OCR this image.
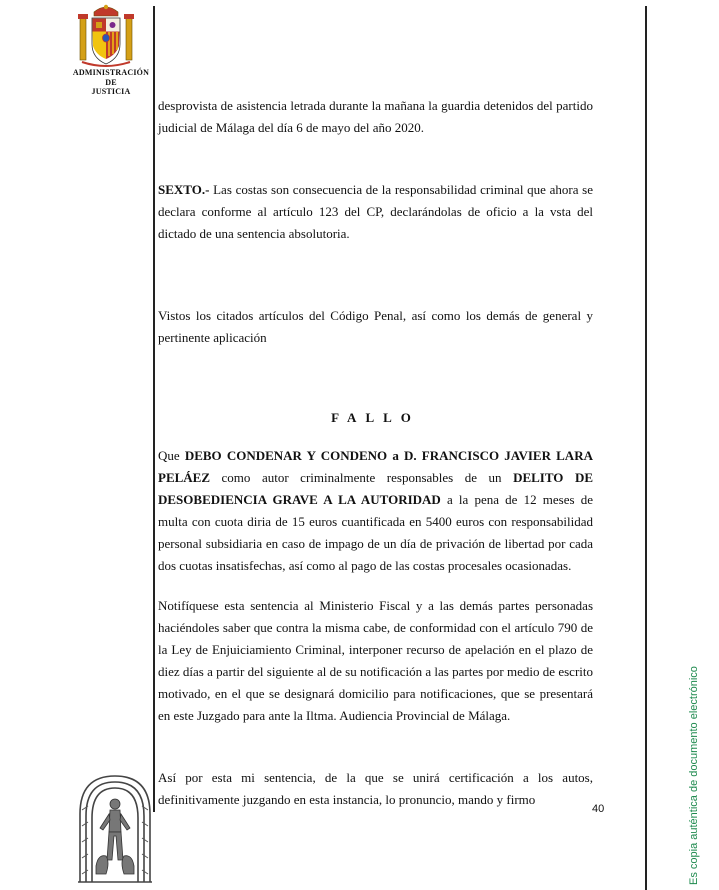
ADMINISTRACIÓN
DE
JUSTICIA

desprovista de asistencia letrada durante la mañana la guardia detenidos del partido judicial de Málaga del día 6 de mayo del año 2020.

SEXTO.- Las costas son consecuencia de la responsabilidad criminal que ahora se declara conforme al artículo 123 del CP, declarándolas de oficio a la vsta del dictado de una sentencia absolutoria.

Vistos los citados artículos del Código Penal, así como los demás de general y pertinente aplicación

FALLO

Que DEBO CONDENAR Y CONDENO a D. FRANCISCO JAVIER LARA PELÁEZ como autor criminalmente responsables de un DELITO DE DESOBEDIENCIA GRAVE A LA AUTORIDAD a la pena de 12 meses de multa con cuota diria de 15 euros cuantificada en 5400 euros con responsabilidad personal subsidiaria en caso de impago de un día de privación de libertad por cada dos cuotas insatisfechas, así como al pago de las costas procesales ocasionadas.

Notifíquese esta sentencia al Ministerio Fiscal y a las demás partes personadas haciéndoles saber que contra la misma cabe, de conformidad con el artículo 790 de la Ley de Enjuiciamiento Criminal, interponer recurso de apelación en el plazo de diez días a partir del siguiente al de su notificación a las partes por medio de escrito motivado, en el que se designará domicilio para notificaciones, que se presentará en este Juzgado para ante la Iltma. Audiencia Provincial de Málaga.

Así por esta mi sentencia, de la que se unirá certificación a los autos, definitivamente juzgando en esta instancia, lo pronuncio, mando y firmo

40	Es copia auténtica de documento electrónico
